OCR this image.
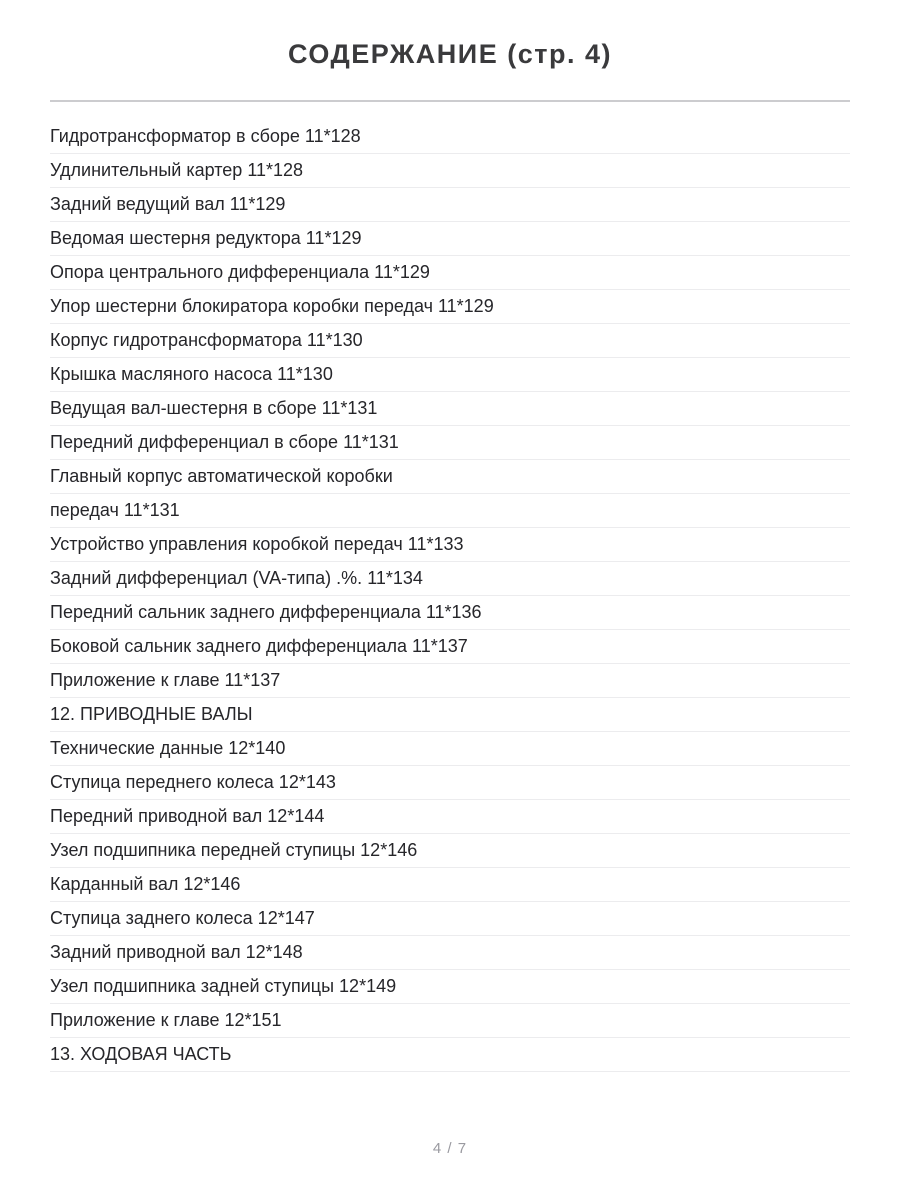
СОДЕРЖАНИЕ (стр. 4)
Гидротрансформатор в сборе 11*128
Удлинительный картер 11*128
Задний ведущий вал 11*129
Ведомая шестерня редуктора 11*129
Опора центрального дифференциала 11*129
Упор шестерни блокиратора коробки передач 11*129
Корпус гидротрансформатора 11*130
Крышка масляного насоса 11*130
Ведущая вал-шестерня в сборе 11*131
Передний дифференциал в сборе 11*131
Главный корпус автоматической коробки
передач 11*131
Устройство управления коробкой передач 11*133
Задний дифференциал (VA-типа) .%. 11*134
Передний сальник заднего дифференциала 11*136
Боковой сальник заднего дифференциала 11*137
Приложение к главе 11*137
12. ПРИВОДНЫЕ ВАЛЫ
Технические данные 12*140
Ступица переднего колеса 12*143
Передний приводной вал 12*144
Узел подшипника передней ступицы 12*146
Карданный вал 12*146
Ступица заднего колеса 12*147
Задний приводной вал 12*148
Узел подшипника задней ступицы 12*149
Приложение к главе 12*151
13. ХОДОВАЯ ЧАСТЬ
4 / 7
